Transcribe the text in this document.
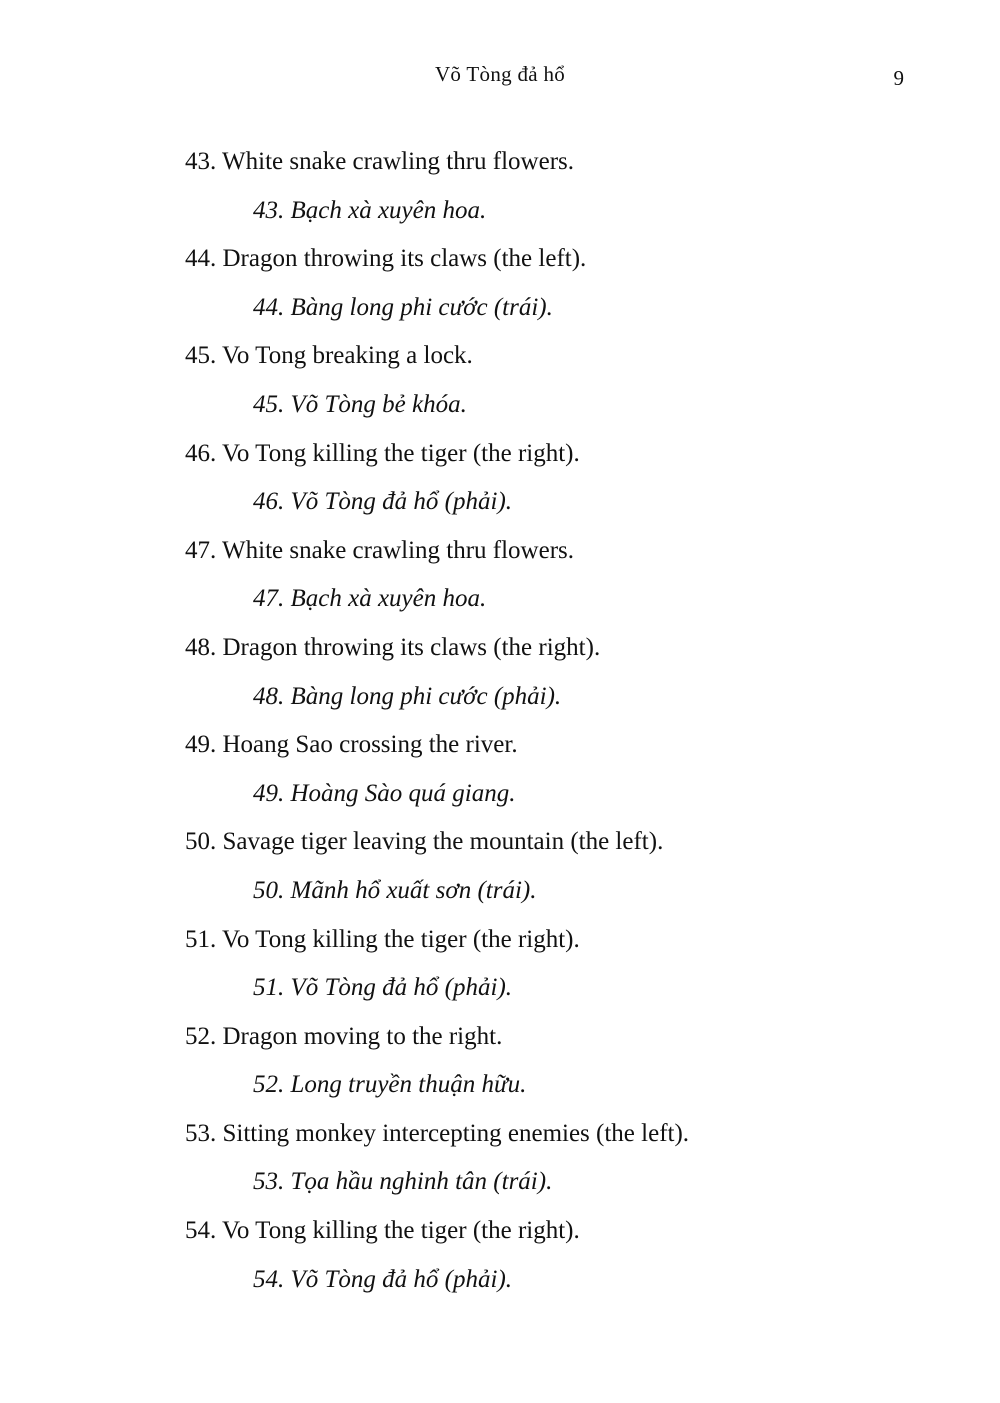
Võ Tòng đả hổ	9
43. White snake crawling thru flowers.
43. Bạch xà xuyên hoa.
44. Dragon throwing its claws (the left).
44. Bàng long phi cước (trái).
45. Vo Tong breaking a lock.
45. Võ Tòng bẻ khóa.
46. Vo Tong killing the tiger (the right).
46. Võ Tòng đả hổ (phải).
47. White snake crawling thru flowers.
47. Bạch xà xuyên hoa.
48. Dragon throwing its claws (the right).
48. Bàng long phi cước (phải).
49. Hoang Sao crossing the river.
49. Hoàng Sào quá giang.
50. Savage tiger leaving the mountain (the left).
50. Mãnh hổ xuất sơn (trái).
51. Vo Tong killing the tiger (the right).
51. Võ Tòng đả hổ (phải).
52. Dragon moving to the right.
52. Long truyền thuận hữu.
53. Sitting monkey intercepting enemies (the left).
53. Tọa hầu nghinh tân (trái).
54. Vo Tong killing the tiger (the right).
54. Võ Tòng đả hổ (phải).
